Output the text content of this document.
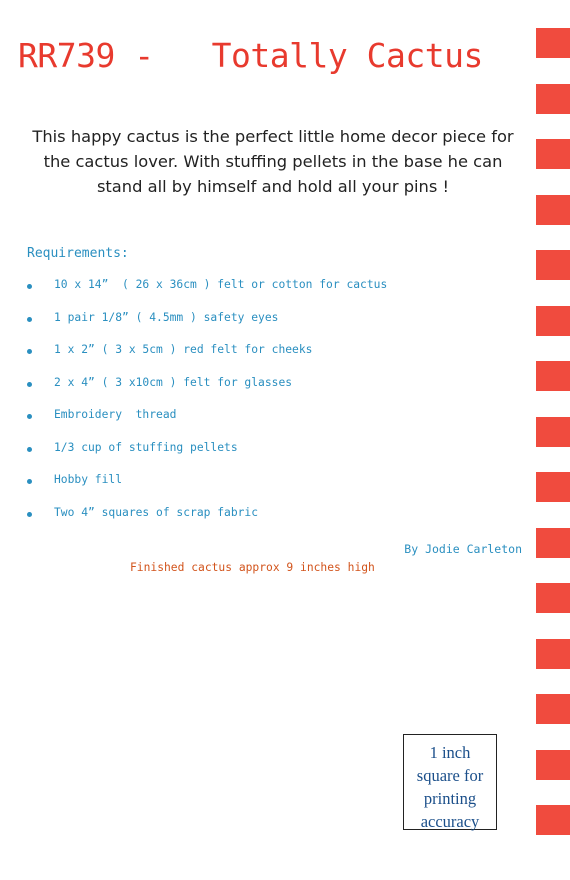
RR739 -   Totally Cactus

This happy cactus is the perfect little home decor piece for the cactus lover. With stuffing pellets in the base he can stand all by himself and hold all your pins !

Requirements:
10 x 14”  ( 26 x 36cm ) felt or cotton for cactus
1 pair 1/8” ( 4.5mm ) safety eyes
1 x 2” ( 3 x 5cm ) red felt for cheeks
2 x 4” ( 3 x10cm ) felt for glasses
Embroidery  thread
1/3 cup of stuffing pellets
Hobby fill
Two 4” squares of scrap fabric

By Jodie Carleton

Finished cactus approx 9 inches high

1 inch
square for
printing
accuracy
